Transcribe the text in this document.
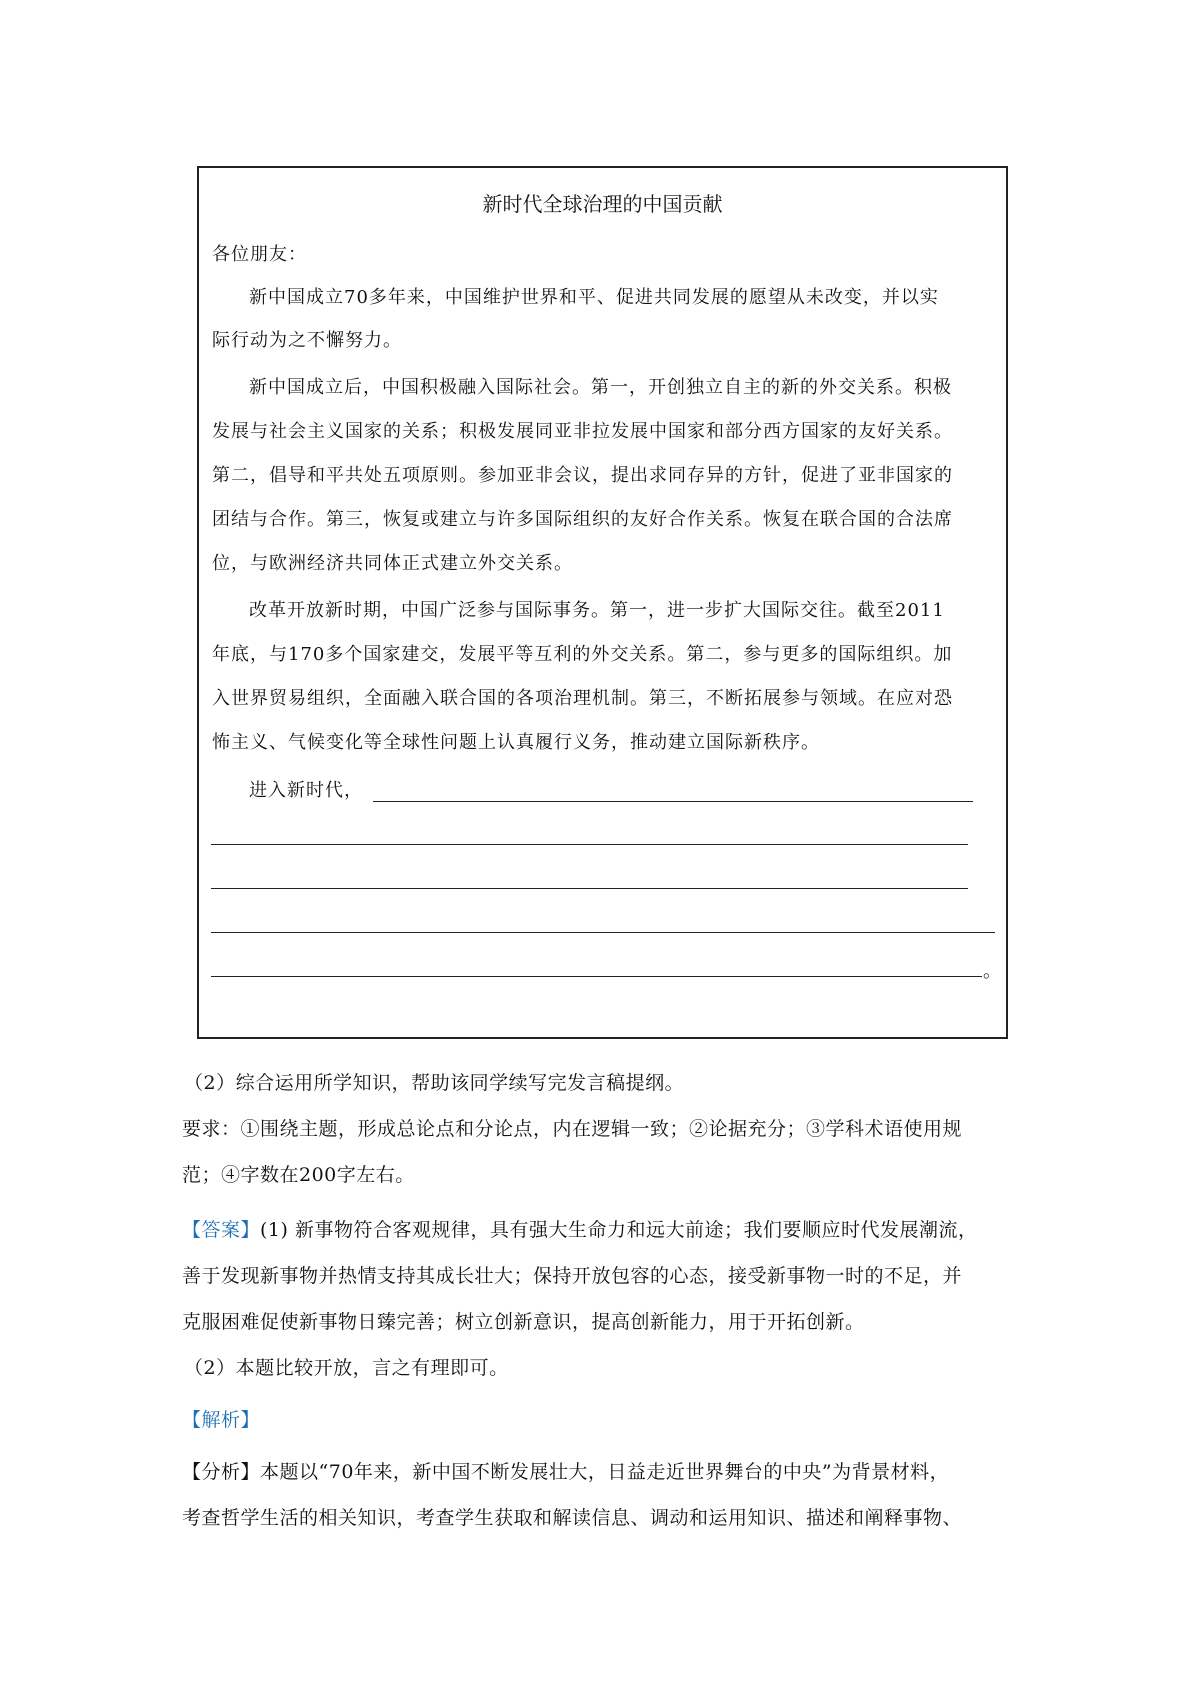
新时代全球治理的中国贡献
各位朋友：
新中国成立70多年来，中国维护世界和平、促进共同发展的愿望从未改变，并以实
际行动为之不懈努力。
新中国成立后，中国积极融入国际社会。第一，开创独立自主的新的外交关系。积极
发展与社会主义国家的关系；积极发展同亚非拉发展中国家和部分西方国家的友好关系。
第二，倡导和平共处五项原则。参加亚非会议，提出求同存异的方针，促进了亚非国家的
团结与合作。第三，恢复或建立与许多国际组织的友好合作关系。恢复在联合国的合法席
位，与欧洲经济共同体正式建立外交关系。
改革开放新时期，中国广泛参与国际事务。第一，进一步扩大国际交往。截至2011
年底，与170多个国家建交，发展平等互利的外交关系。第二，参与更多的国际组织。加
入世界贸易组织，全面融入联合国的各项治理机制。第三，不断拓展参与领域。在应对恐
怖主义、气候变化等全球性问题上认真履行义务，推动建立国际新秩序。
进入新时代，
。
（2）综合运用所学知识，帮助该同学续写完发言稿提纲。
要求：①围绕主题，形成总论点和分论点，内在逻辑一致；②论据充分；③学科术语使用规
范；④字数在200字左右。
【答案】(1) 新事物符合客观规律，具有强大生命力和远大前途；我们要顺应时代发展潮流，
善于发现新事物并热情支持其成长壮大；保持开放包容的心态，接受新事物一时的不足，并
克服困难促使新事物日臻完善；树立创新意识，提高创新能力，用于开拓创新。
（2）本题比较开放，言之有理即可。
【解析】
【分析】本题以“70年来，新中国不断发展壮大，日益走近世界舞台的中央”为背景材料，
考查哲学生活的相关知识，考查学生获取和解读信息、调动和运用知识、描述和阐释事物、
